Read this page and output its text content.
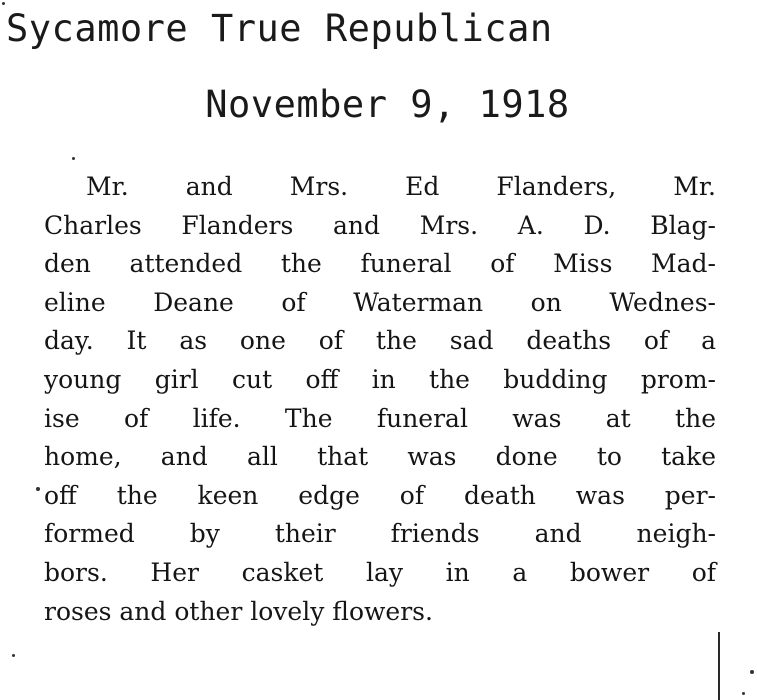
Sycamore True Republican
November 9, 1918
Mr. and Mrs. Ed Flanders, Mr.
Charles Flanders and Mrs. A. D. Blag-
den attended the funeral of Miss Mad-
eline Deane of Waterman on Wednes-
day. It as one of the sad deaths of a
young girl cut off in the budding prom-
ise of life. The funeral was at the
home, and all that was done to take
off the keen edge of death was per-
formed by their friends and neigh-
bors. Her casket lay in a bower of
roses and other lovely flowers.
